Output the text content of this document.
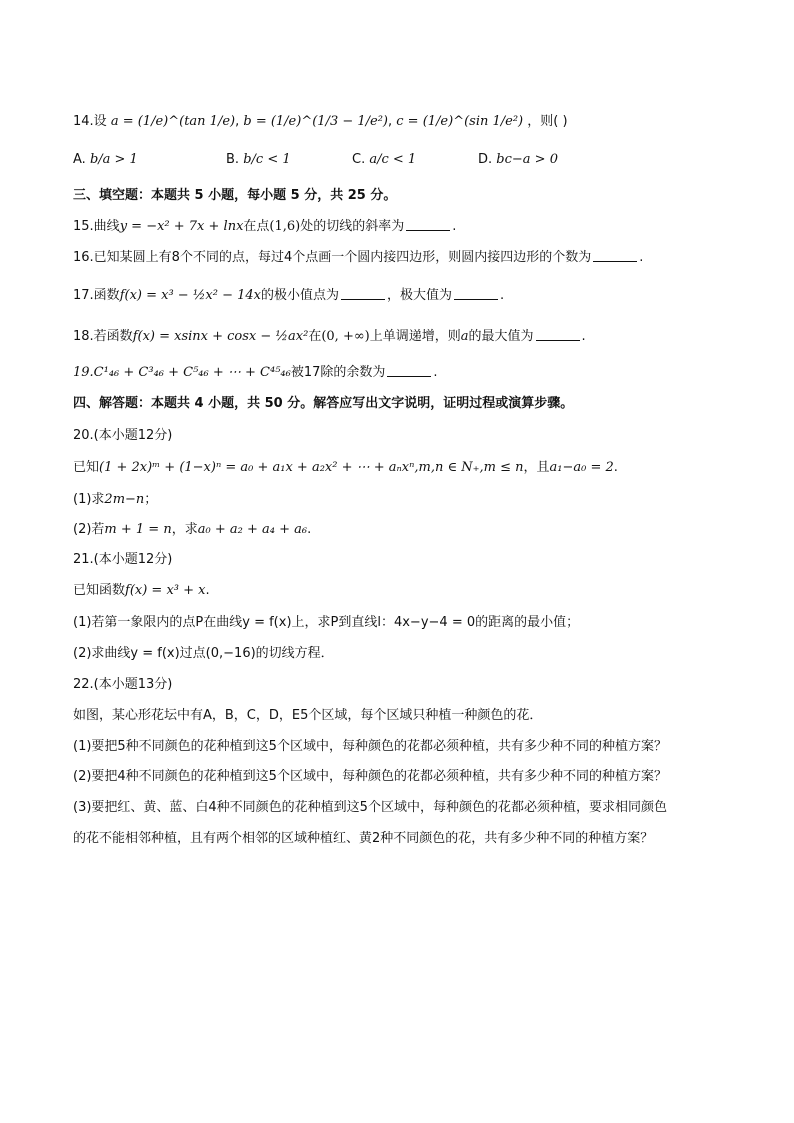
14.设 a = (1/e)^(tan 1/e), b = (1/e)^(1/3 − 1/e²), c = (1/e)^(sin 1/e²) ，则( )
A. b/a > 1	B. b/c < 1	C. a/c < 1	D. bc−a > 0
三、填空题：本题共 5 小题，每小题 5 分，共 25 分。
15.曲线y = −x² + 7x + lnx在点(1,6)处的切线的斜率为	.
16.已知某圆上有8个不同的点，每过4个点画一个圆内接四边形，则圆内接四边形的个数为	.
17.函数f(x) = x³ − ½x² − 14x的极小值点为	，极大值为	.
18.若函数f(x) = xsinx + cosx − ½ax²在(0, +∞)上单调递增，则a的最大值为	.
19.C¹₄₆ + C³₄₆ + C⁵₄₆ + ⋯ + C⁴⁵₄₆被17除的余数为	.
四、解答题：本题共 4 小题，共 50 分。解答应写出文字说明，证明过程或演算步骤。
20.(本小题12分)
已知(1 + 2x)ᵐ + (1−x)ⁿ = a₀ + a₁x + a₂x² + ⋯ + aₙxⁿ,m,n ∈ N₊,m ≤ n，且a₁−a₀ = 2.
(1)求2m−n；
(2)若m + 1 = n，求a₀ + a₂ + a₄ + a₆.
21.(本小题12分)
已知函数f(x) = x³ + x.
(1)若第一象限内的点P在曲线y = f(x)上，求P到直线l：4x−y−4 = 0的距离的最小值；
(2)求曲线y = f(x)过点(0,−16)的切线方程．
22.(本小题13分)
如图，某心形花坛中有A，B，C，D，E5个区域，每个区域只种植一种颜色的花．
(1)要把5种不同颜色的花种植到这5个区域中，每种颜色的花都必须种植，共有多少种不同的种植方案？
(2)要把4种不同颜色的花种植到这5个区域中，每种颜色的花都必须种植，共有多少种不同的种植方案？
(3)要把红、黄、蓝、白4种不同颜色的花种植到这5个区域中，每种颜色的花都必须种植，要求相同颜色
的花不能相邻种植，且有两个相邻的区域种植红、黄2种不同颜色的花，共有多少种不同的种植方案？
